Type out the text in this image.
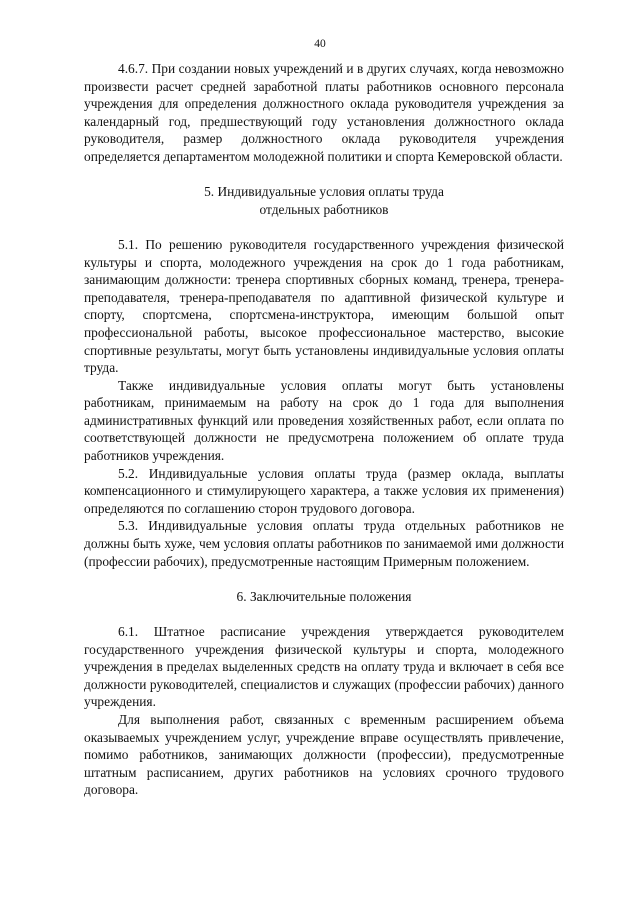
40

4.6.7. При создании новых учреждений и в других случаях, когда невозможно произвести расчет средней заработной платы работников основного персонала учреждения для определения должностного оклада руководителя учреждения за календарный год, предшествующий году установления должностного оклада руководителя, размер должностного оклада руководителя учреждения определяется департаментом молодежной политики и спорта Кемеровской области.

5. Индивидуальные условия оплаты труда
отдельных работников

5.1. По решению руководителя государственного учреждения физической культуры и спорта, молодежного учреждения на срок до 1 года работникам, занимающим должности: тренера спортивных сборных команд, тренера, тренера-преподавателя, тренера-преподавателя по адаптивной физической культуре и спорту, спортсмена, спортсмена-инструктора, имеющим большой опыт профессиональной работы, высокое профессиональное мастерство, высокие спортивные результаты, могут быть установлены индивидуальные условия оплаты труда.

Также индивидуальные условия оплаты могут быть установлены работникам, принимаемым на работу на срок до 1 года для выполнения административных функций или проведения хозяйственных работ, если оплата по соответствующей должности не предусмотрена положением об оплате труда работников учреждения.

5.2. Индивидуальные условия оплаты труда (размер оклада, выплаты компенсационного и стимулирующего характера, а также условия их применения) определяются по соглашению сторон трудового договора.

5.3. Индивидуальные условия оплаты труда отдельных работников не должны быть хуже, чем условия оплаты работников по занимаемой ими должности (профессии рабочих), предусмотренные настоящим Примерным положением.

6. Заключительные положения

6.1. Штатное расписание учреждения утверждается руководителем государственного учреждения физической культуры и спорта, молодежного учреждения в пределах выделенных средств на оплату труда и включает в себя все должности руководителей, специалистов и служащих (профессии рабочих) данного учреждения.

Для выполнения работ, связанных с временным расширением объема оказываемых учреждением услуг, учреждение вправе осуществлять привлечение, помимо работников, занимающих должности (профессии), предусмотренные штатным расписанием, других работников на условиях срочного трудового договора.
